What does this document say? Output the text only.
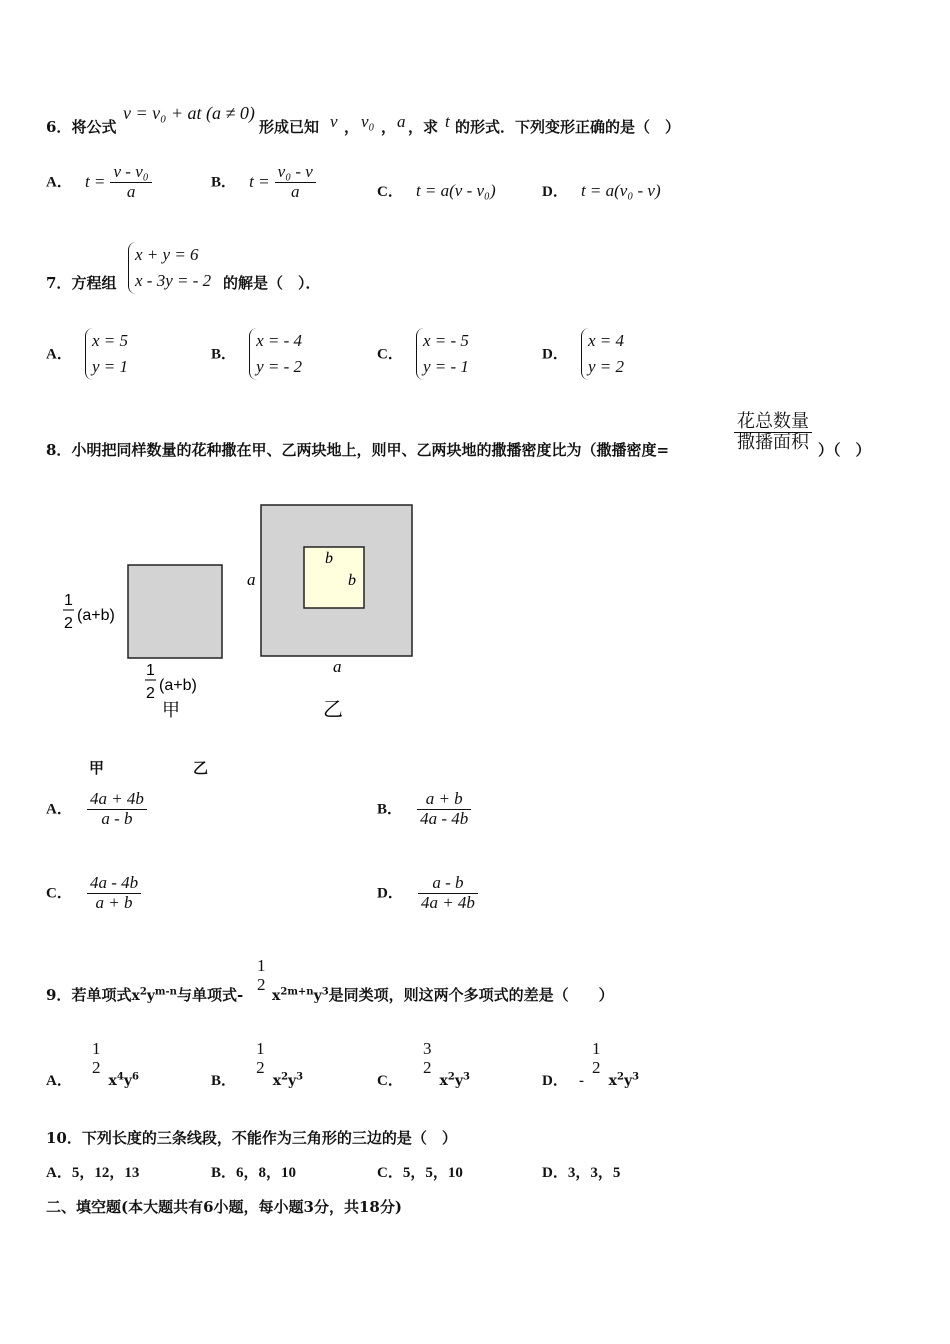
6．将公式
v = v₀ + at (a ≠ 0)
形成已知 v ， v₀ ， a ，求 t 的形式．下列变形正确的是（　）
A． $t = \frac{\text{v - v₀}}{a}$	B． $t = \frac{\text{v₀ - v}}{a}$	C． t = a(v - v₀)	D． t = a(v₀ - v)
7．方程组
x + y = 6
x - 3y = - 2 的解是（　）．
A．
x = 5
y = 1
B．
x = - 4
y = - 2
C．
x = - 5
y = - 1
D．
x = 4
y = 2
8．小明把同样数量的花种撒在甲、乙两块地上，则甲、乙两块地的撒播密度比为（撒播密度=
花总数量
撒播面积 ）（　）
1
2 (a+b)
1
2 (a+b)
甲
a
a
b
b
乙
甲	乙
A． $\frac{4a + 4b}{a - b}$	B． $\frac{a + b}{4a - 4b}$
C． $\frac{4a - 4b}{a + b}$	D． $\frac{a - b}{4a + 4b}$
9．若单项式$x^2y^{m-n}$与单项式-
1
2
$x^{2m+n}y^3$是同类项，则这两个多项式的差是（　　）
A．
1
2
$x^4y^6$	B．
1
2
$x^2y^3$	C．
3
2
$x^2y^3$	D． -
1
2
$x^2y^3$
10．下列长度的三条线段，不能作为三角形的三边的是（　）
A．5，12，13	B．6，8，10	C．5，5，10	D．3，3，5
二、填空题(本大题共有6小题，每小题3分，共18分)
